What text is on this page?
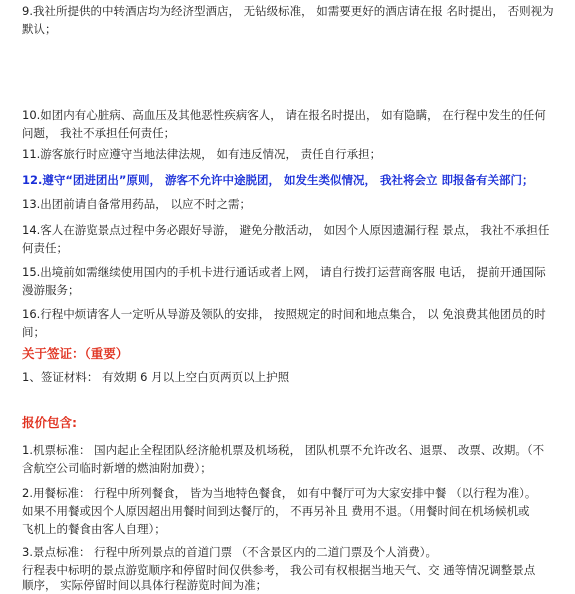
9.我社所提供的中转酒店均为经济型酒店， 无钻级标准， 如需要更好的酒店请在报 名时提出， 否则视为
默认；
10.如团内有心脏病、高血压及其他恶性疾病客人， 请在报名时提出， 如有隐瞒， 在行程中发生的任何
问题， 我社不承担任何责任；
11.游客旅行时应遵守当地法律法规， 如有违反情况， 责任自行承担；
12.遵守“团进团出”原则， 游客不允许中途脱团， 如发生类似情况， 我社将会立 即报备有关部门；
13.出团前请自备常用药品， 以应不时之需；
14.客人在游览景点过程中务必跟好导游， 避免分散活动， 如因个人原因遗漏行程 景点， 我社不承担任
何责任；
15.出境前如需继续使用国内的手机卡进行通话或者上网， 请自行拨打运营商客服 电话， 提前开通国际
漫游服务；
16.行程中烦请客人一定听从导游及领队的安排， 按照规定的时间和地点集合， 以 免浪费其他团员的时
间；
关于签证：（重要）
1、签证材料： 有效期 6 月以上空白页两页以上护照
报价包含:
1.机票标准： 国内起止全程团队经济舱机票及机场税， 团队机票不允许改名、退票、 改票、改期。（不
含航空公司临时新增的燃油附加费）；
2.用餐标准： 行程中所列餐食， 皆为当地特色餐食， 如有中餐厅可为大家安排中餐 （以行程为准）。
如果不用餐或因个人原因超出用餐时间到达餐厅的， 不再另补且 费用不退。（用餐时间在机场候机或
飞机上的餐食由客人自理）；
3.景点标准： 行程中所列景点的首道门票 （不含景区内的二道门票及个人消费）。
行程表中标明的景点游览顺序和停留时间仅供参考， 我公司有权根据当地天气、交 通等情况调整景点
顺序， 实际停留时间以具体行程游览时间为准；
